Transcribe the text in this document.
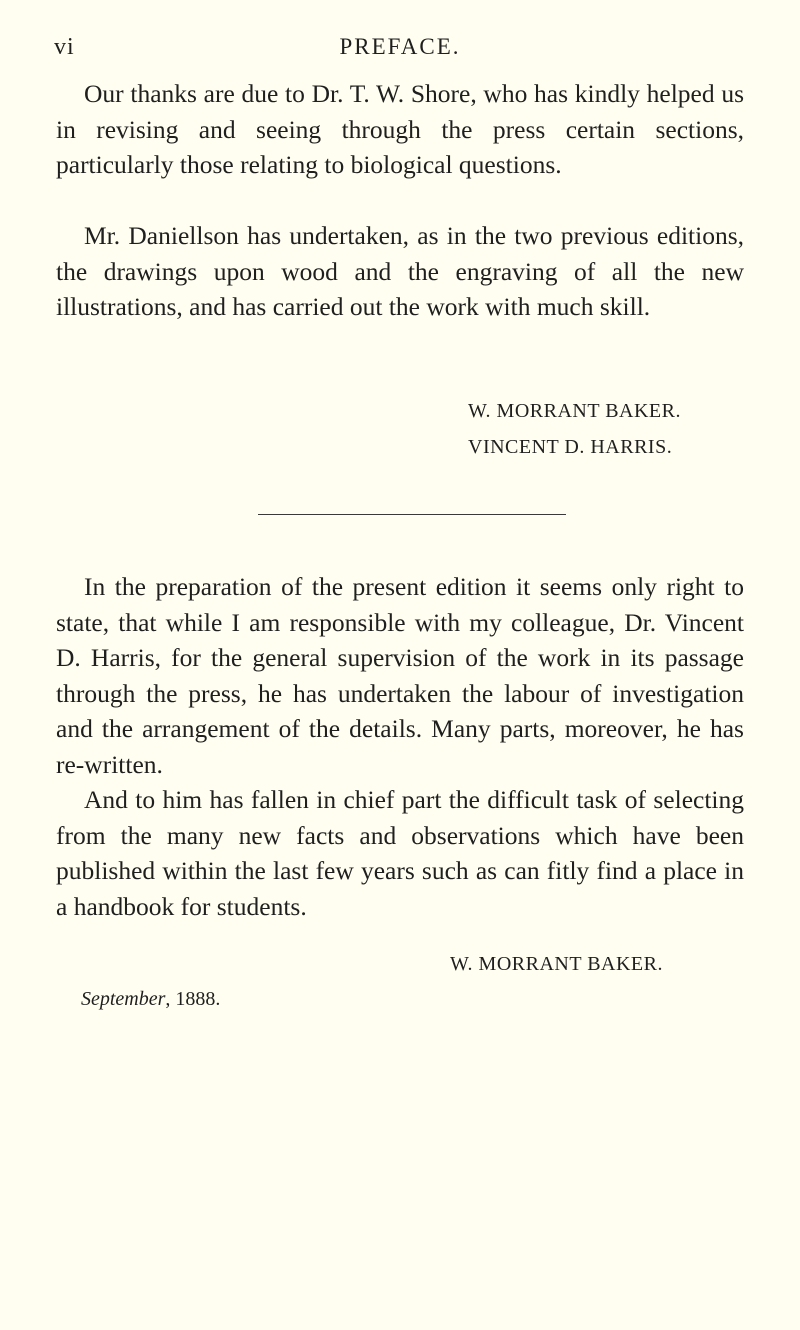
vi	PREFACE.

Our thanks are due to Dr. T. W. Shore, who has kindly helped us in revising and seeing through the press certain sections, particularly those relating to biological questions.

Mr. Daniellson has undertaken, as in the two previous editions, the drawings upon wood and the engraving of all the new illustrations, and has carried out the work with much skill.

W. MORRANT BAKER.
VINCENT D. HARRIS.

In the preparation of the present edition it seems only right to state, that while I am responsible with my colleague, Dr. Vincent D. Harris, for the general supervision of the work in its passage through the press, he has undertaken the labour of investigation and the arrangement of the details. Many parts, moreover, he has re-written.

And to him has fallen in chief part the difficult task of selecting from the many new facts and observations which have been published within the last few years such as can fitly find a place in a handbook for students.

W. MORRANT BAKER.
September, 1888.
